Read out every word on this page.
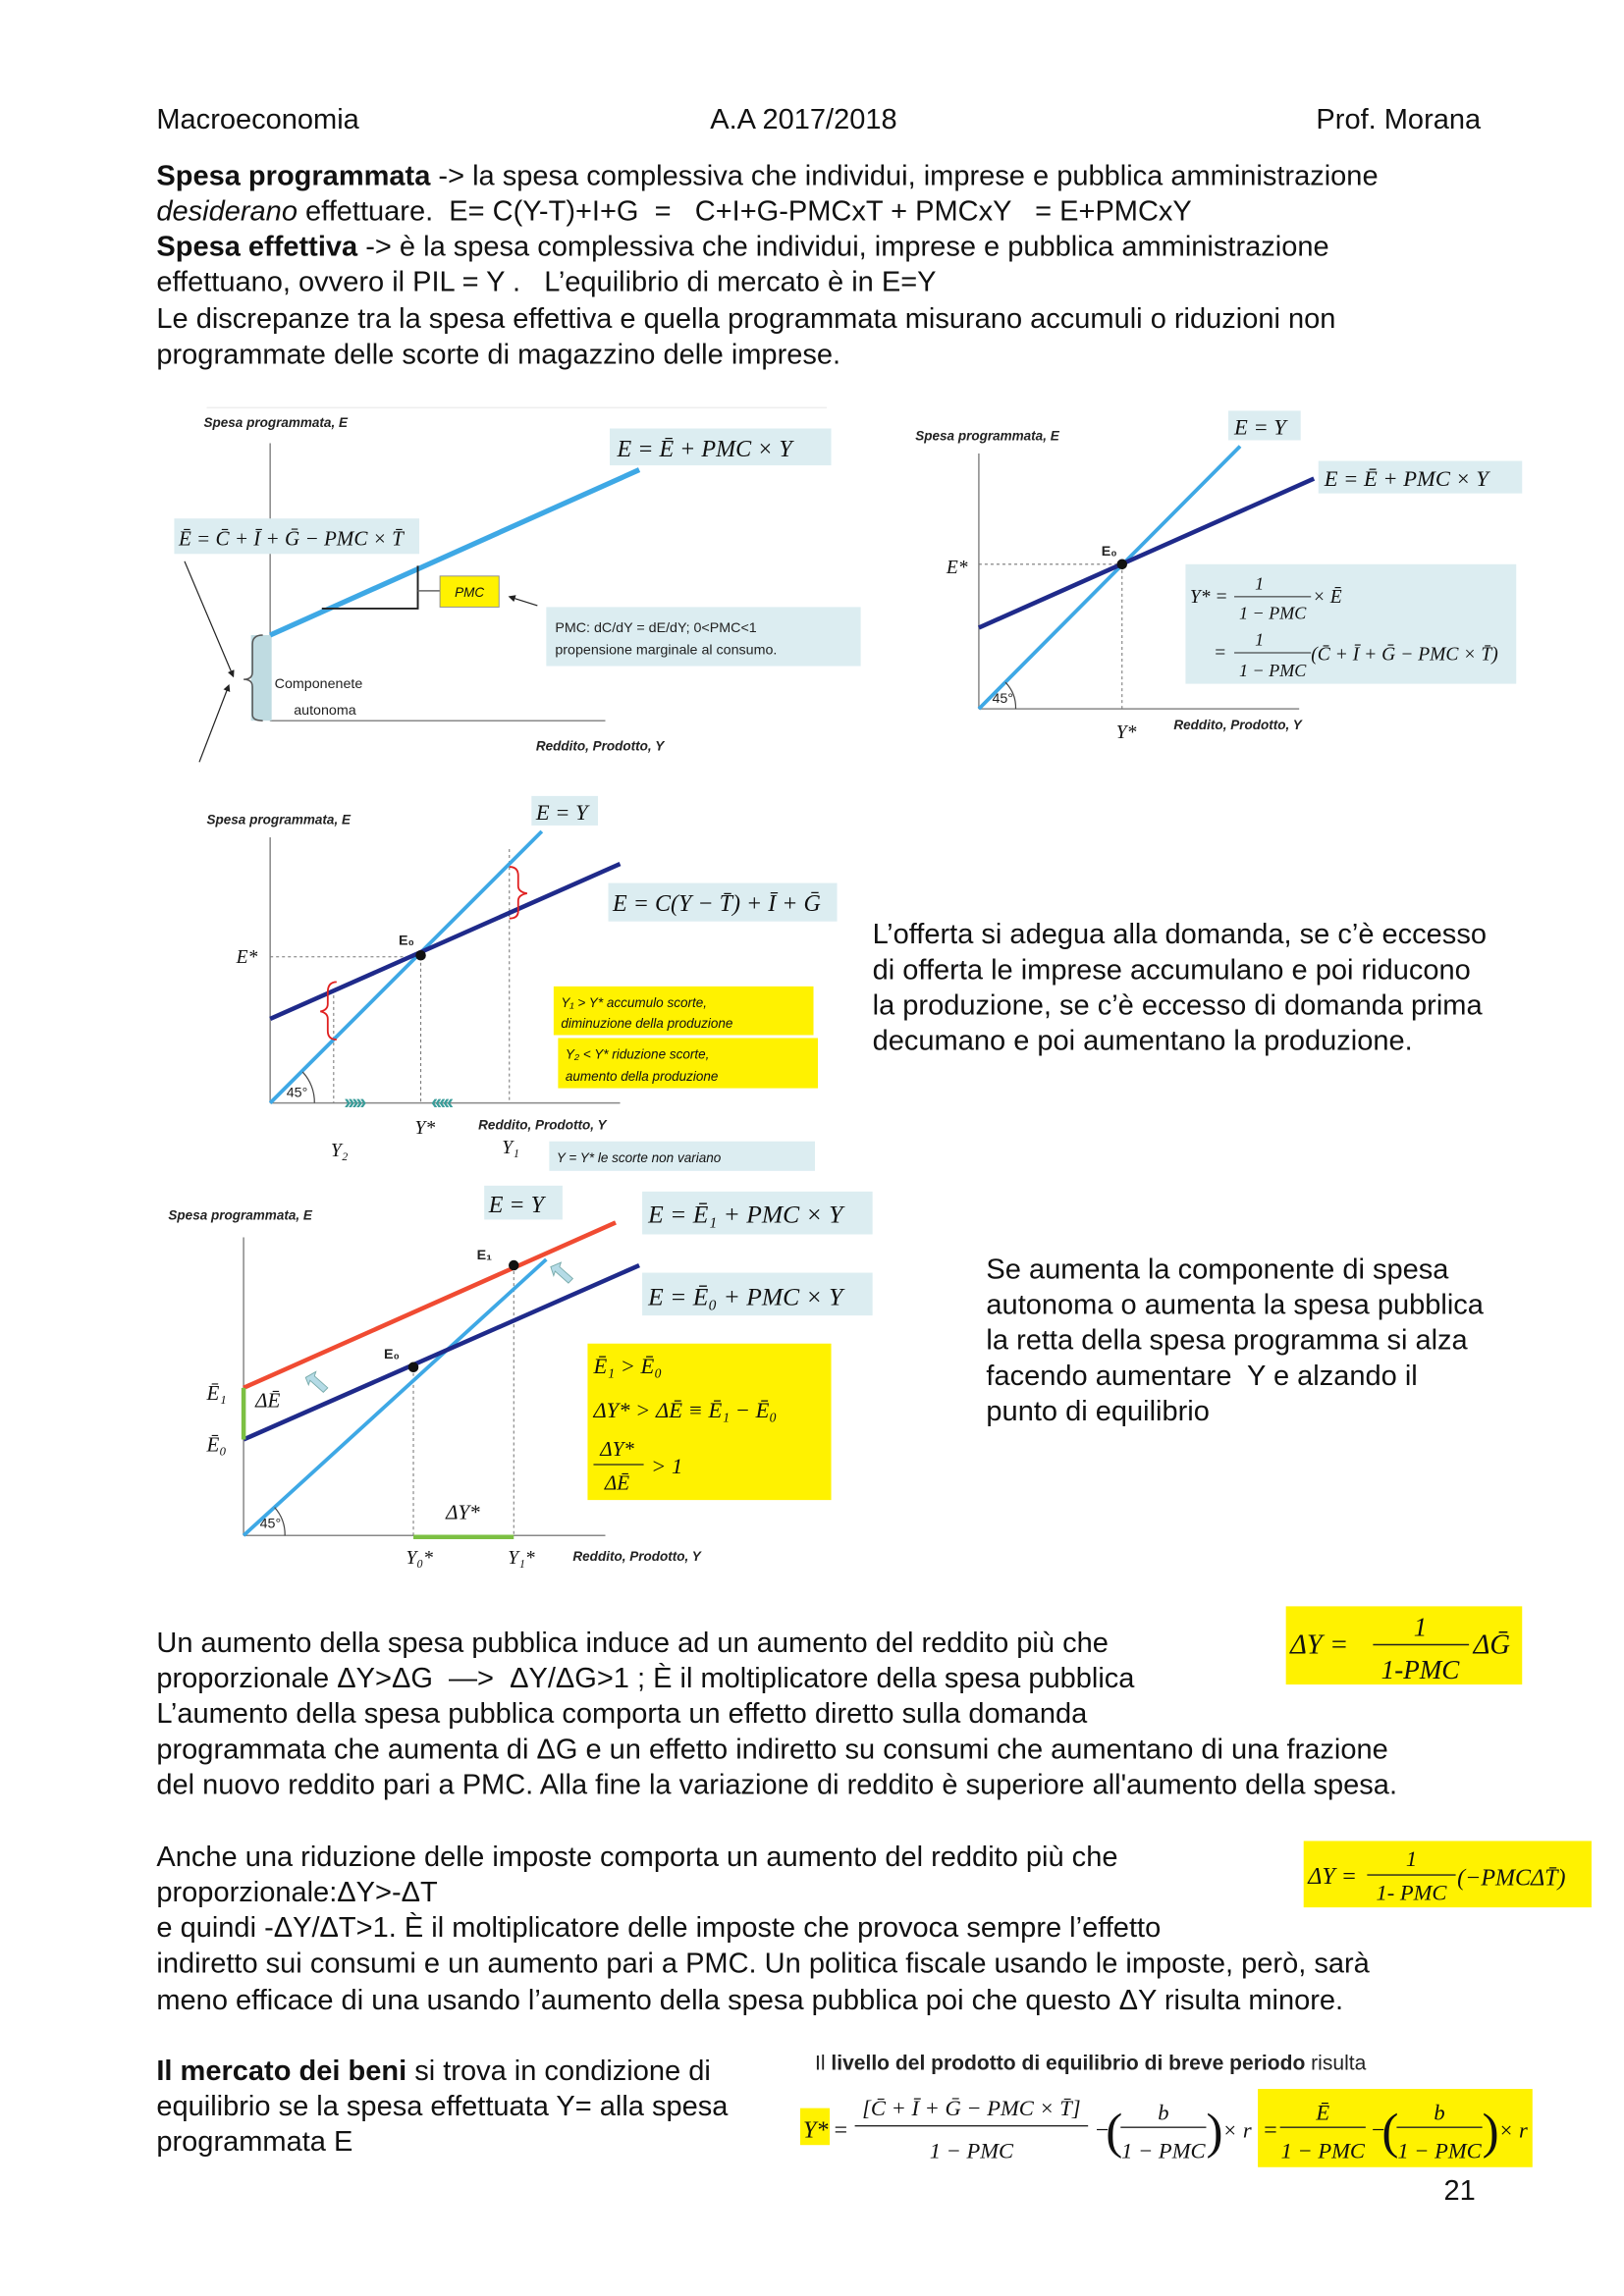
Macroeconomia	A.A 2017/2018	Prof. Morana
Spesa programmata -> la spesa complessiva che individui, imprese e pubblica amministrazione
desiderano effettuare.  E= C(Y-T)+I+G  =   C+I+G-PMCxT + PMCxY   = E+PMCxY
Spesa effettiva -> è la spesa complessiva che individui, imprese e pubblica amministrazione
effettuano, ovvero il PIL = Y .   L’equilibrio di mercato è in E=Y
Le discrepanze tra la spesa effettiva e quella programmata misurano accumuli o riduzioni non
programmate delle scorte di magazzino delle imprese.
Spesa programmata, E
PMC
E = Ē + PMC × Y
Ē = C̄ + Ī + Ḡ − PMC × T̄
PMC: dC/dY = dE/dY; 0<PMC<1
propensione marginale al consumo.
Componenete
autonoma
Reddito, Prodotto, Y
Spesa programmata, E
E₀
45°
E*
Y*	Reddito, Prodotto, Y
E = Y
E = Ē + PMC × Y
Y* =
1
1 − PMC
× Ē
=
1
1 − PMC
(C̄ + Ī + Ḡ − PMC × T̄)
Spesa programmata, E
E₀
45°
E*
Y*
Y₂	Y₁
›››››	‹‹‹‹‹
Reddito, Prodotto, Y
E = Y
E = C(Y − T̄) + Ī + Ḡ
Y₁ > Y* accumulo scorte,
diminuzione della produzione
Y₂ < Y* riduzione scorte,
aumento della produzione
Y = Y* le scorte non variano
L’offerta si adegua alla domanda, se c’è eccesso
di offerta le imprese accumulano e poi riducono
la produzione, se c’è eccesso di domanda prima
decumano e poi aumentano la produzione.
Spesa programmata, E
E₀
E₁
45°
Ē₁
Ē₀
ΔĒ
ΔY*
Y₀*	Y₁*	Reddito, Prodotto, Y
E = Y	E = Ē₁ + PMC × Y
E = Ē₀ + PMC × Y
Ē₁ > Ē₀
ΔY* > ΔĒ ≡ Ē₁ − Ē₀
ΔY*
ΔĒ
> 1
Se aumenta la componente di spesa
autonoma o aumenta la spesa pubblica
la retta della spesa programma si alza
facendo aumentare  Y e alzando il
punto di equilibrio
Un aumento della spesa pubblica induce ad un aumento del reddito più che
proporzionale ΔY>ΔG  —>  ΔY/ΔG>1 ; È il moltiplicatore della spesa pubblica
L’aumento della spesa pubblica comporta un effetto diretto sulla domanda
programmata che aumenta di ΔG e un effetto indiretto su consumi che aumentano di una frazione
del nuovo reddito pari a PMC. Alla fine la variazione di reddito è superiore all'aumento della spesa.
ΔY =
1
1-PMC
ΔḠ
Anche una riduzione delle imposte comporta un aumento del reddito più che
proporzionale:ΔY>-ΔT
e quindi -ΔY/ΔT>1. È il moltiplicatore delle imposte che provoca sempre l’effetto
indiretto sui consumi e un aumento pari a PMC. Un politica fiscale usando le imposte, però, sarà
meno efficace di una usando l’aumento della spesa pubblica poi che questo ΔY risulta minore.
ΔY =
1
1- PMC
(−PMCΔT̄)
Il mercato dei beni si trova in condizione di
equilibrio se la spesa effettuata Y= alla spesa
programmata E
Il livello del prodotto di equilibrio di breve periodo risulta
Y* =
[C̄ + Ī + Ḡ − PMC × T̄]
1 − PMC
−
( b
1 − PMC ) × r =
Ē
1 − PMC
−
( b
1 − PMC ) × r
21
